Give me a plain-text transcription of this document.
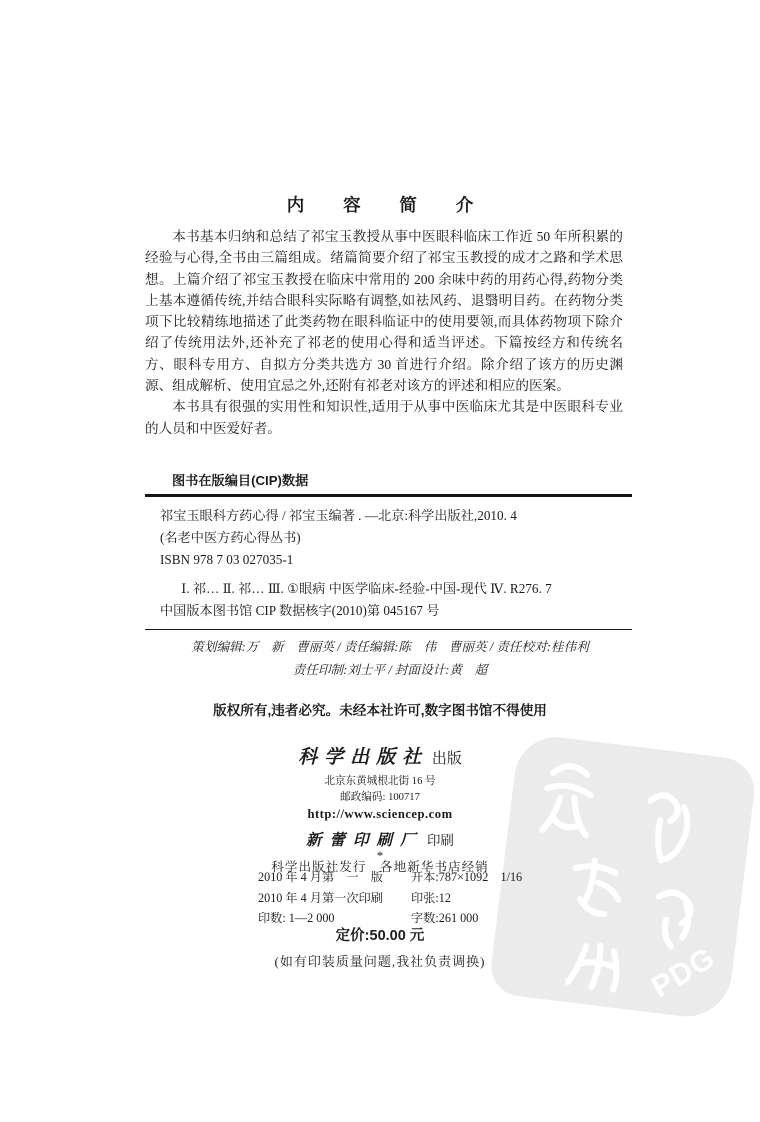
PDG
内 容 简 介

本书基本归纳和总结了祁宝玉教授从事中医眼科临床工作近 50 年所积累的经验与心得,全书由三篇组成。绪篇简要介绍了祁宝玉教授的成才之路和学术思想。上篇介绍了祁宝玉教授在临床中常用的 200 余味中药的用药心得,药物分类上基本遵循传统,并结合眼科实际略有调整,如祛风药、退翳明目药。在药物分类项下比较精练地描述了此类药物在眼科临证中的使用要领,而具体药物项下除介绍了传统用法外,还补充了祁老的使用心得和适当评述。下篇按经方和传统名方、眼科专用方、自拟方分类共选方 30 首进行介绍。除介绍了该方的历史渊源、组成解析、使用宜忌之外,还附有祁老对该方的评述和相应的医案。

本书具有很强的实用性和知识性,适用于从事中医临床尤其是中医眼科专业的人员和中医爱好者。

图书在版编目(CIP)数据
祁宝玉眼科方药心得 / 祁宝玉编著 . —北京:科学出版社,2010. 4
(名老中医方药心得丛书)
ISBN 978 7 03 027035-1
Ⅰ. 祁… Ⅱ. 祁… Ⅲ. ①眼病 中医学临床-经验-中国-现代 Ⅳ. R276. 7
中国版本图书馆 CIP 数据核字(2010)第 045167 号
策划编辑:万　新　曹丽英 / 责任编辑:陈　伟　曹丽英 / 责任校对:桂伟利
责任印制:刘士平 / 封面设计:黄　超
版权所有,违者必究。未经本社许可,数字图书馆不得使用
科学出版社 出版
北京东黄城根北街 16 号
邮政编码: 100717
http://www.sciencep.com
新蕾印刷厂 印刷
科学出版社发行　各地新华书店经销
*
2010 年 4 月第　一　版	开本:787×1092　1/16
2010 年 4 月第一次印刷	印张:12
印数: 1—2 000	字数:261 000
定价:50.00 元
(如有印装质量问题,我社负责调换)
